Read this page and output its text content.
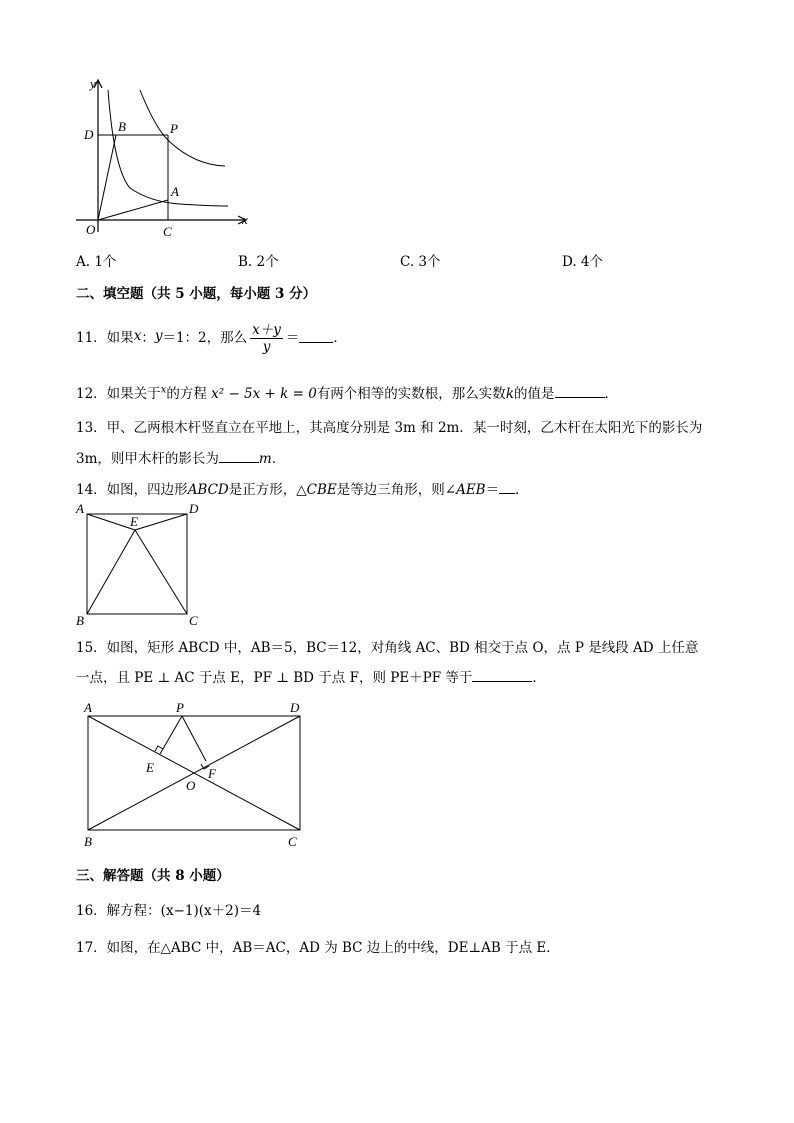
y
x
O
D
B	P
A
C
A. 1个	B. 2个	C. 3个	D. 4个
二、填空题（共 5 小题，每小题 3 分）
11．如果 x ： y ＝1：2，那么 $\frac{x+y}{y}$ ＝	．
12．如果关于$^x$的方程 x² − 5x + k = 0有两个相等的实数根，那么实数k的值是	．
13．甲、乙两根木杆竖直立在平地上，其高度分别是 3m 和 2m．某一时刻，乙木杆在太阳光下的影长为
3m，则甲木杆的影长为	m．
14．如图，四边形ABCD是正方形，△CBE是等边三角形，则∠AEB＝ ．
A	D
E
B	C
15．如图，矩形 ABCD 中，AB＝5，BC＝12，对角线 AC、BD 相交于点 O，点 P 是线段 AD 上任意
一点，且 PE ⊥ AC 于点 E，PF ⊥ BD 于点 F，则 PE＋PF 等于	．
A	P	D
E	F
O
B	C
三、解答题（共 8 小题）
16．解方程：(x−1)(x＋2)＝4
17．如图，在△ABC 中，AB＝AC，AD 为 BC 边上的中线，DE⊥AB 于点 E．
